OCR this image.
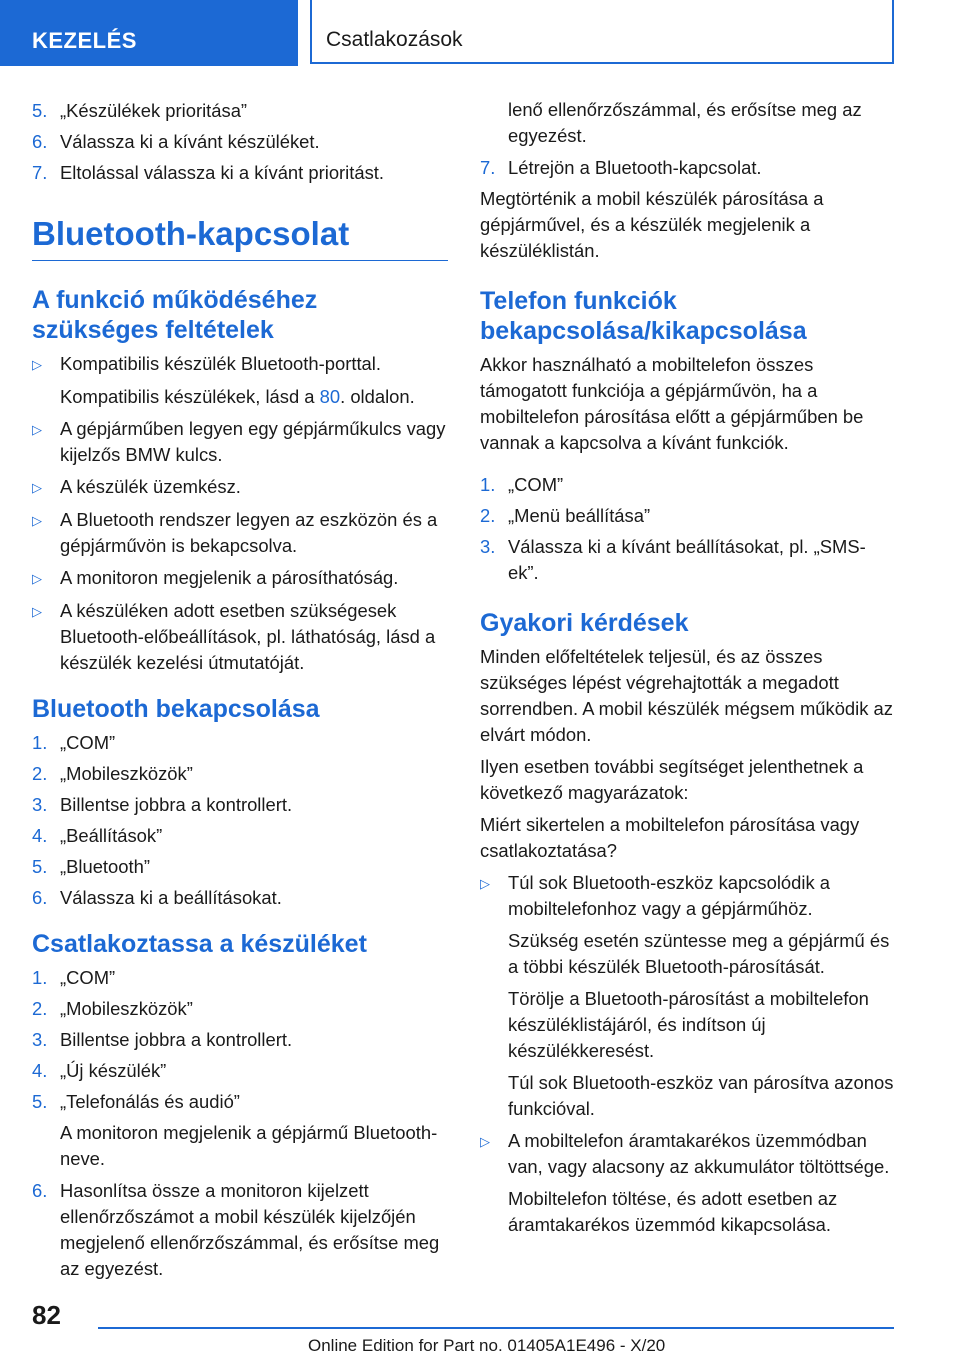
KEZELÉS	Csatlakozások
5. „Készülékek prioritása”
6. Válassza ki a kívánt készüléket.
7. Eltolással válassza ki a kívánt prioritást.
Bluetooth-kapcsolat
A funkció működéséhez
szükséges feltételek
▷ Kompatibilis készülék Bluetooth-porttal.
Kompatibilis készülékek, lásd a 80. oldalon.
▷ A gépjárműben legyen egy gépjárműkulcs vagy kijelzős BMW kulcs.
▷ A készülék üzemkész.
▷ A Bluetooth rendszer legyen az eszközön és a gépjárművön is bekapcsolva.
▷ A monitoron megjelenik a párosíthatóság.
▷ A készüléken adott esetben szükségesek Bluetooth-előbeállítások, pl. láthatóság, lásd a készülék kezelési útmutatóját.
Bluetooth bekapcsolása
1. „COM”
2. „Mobileszközök”
3. Billentse jobbra a kontrollert.
4. „Beállítások”
5. „Bluetooth”
6. Válassza ki a beállításokat.
Csatlakoztassa a készüléket
1. „COM”
2. „Mobileszközök”
3. Billentse jobbra a kontrollert.
4. „Új készülék”
5. „Telefonálás és audió”
A monitoron megjelenik a gépjármű Bluetooth-neve.
6. Hasonlítsa össze a monitoron kijelzett ellenőrzőszámot a mobil készülék kijelzőjén megjelenő ellenőrzőszámmal, és erősítse meg az egyezést.
lenő ellenőrzőszámmal, és erősítse meg az egyezést.
7. Létrejön a Bluetooth-kapcsolat.
Megtörténik a mobil készülék párosítása a gépjárművel, és a készülék megjelenik a készüléklistán.
Telefon funkciók bekapcsolása/kikapcsolása
Akkor használható a mobiltelefon összes támogatott funkciója a gépjárművön, ha a mobiltelefon párosítása előtt a gépjárműben be vannak a kapcsolva a kívánt funkciók.
1. „COM”
2. „Menü beállítása”
3. Válassza ki a kívánt beállításokat, pl. „SMS-ek”.
Gyakori kérdések
Minden előfeltételek teljesül, és az összes szükséges lépést végrehajtották a megadott sorrendben. A mobil készülék mégsem működik az elvárt módon.
Ilyen esetben további segítséget jelenthetnek a következő magyarázatok:
Miért sikertelen a mobiltelefon párosítása vagy csatlakoztatása?
▷ Túl sok Bluetooth-eszköz kapcsolódik a mobiltelefonhoz vagy a gépjárműhöz.
Szükség esetén szüntesse meg a gépjármű és a többi készülék Bluetooth-párosítását.
Törölje a Bluetooth-párosítást a mobiltelefon készüléklistájáról, és indítson új készülékkeresést.
Túl sok Bluetooth-eszköz van párosítva azonos funkcióval.
▷ A mobiltelefon áramtakarékos üzemmódban van, vagy alacsony az akkumulátor töltöttsége.
Mobiltelefon töltése, és adott esetben az áramtakarékos üzemmód kikapcsolása.
82
Online Edition for Part no. 01405A1E496 - X/20
